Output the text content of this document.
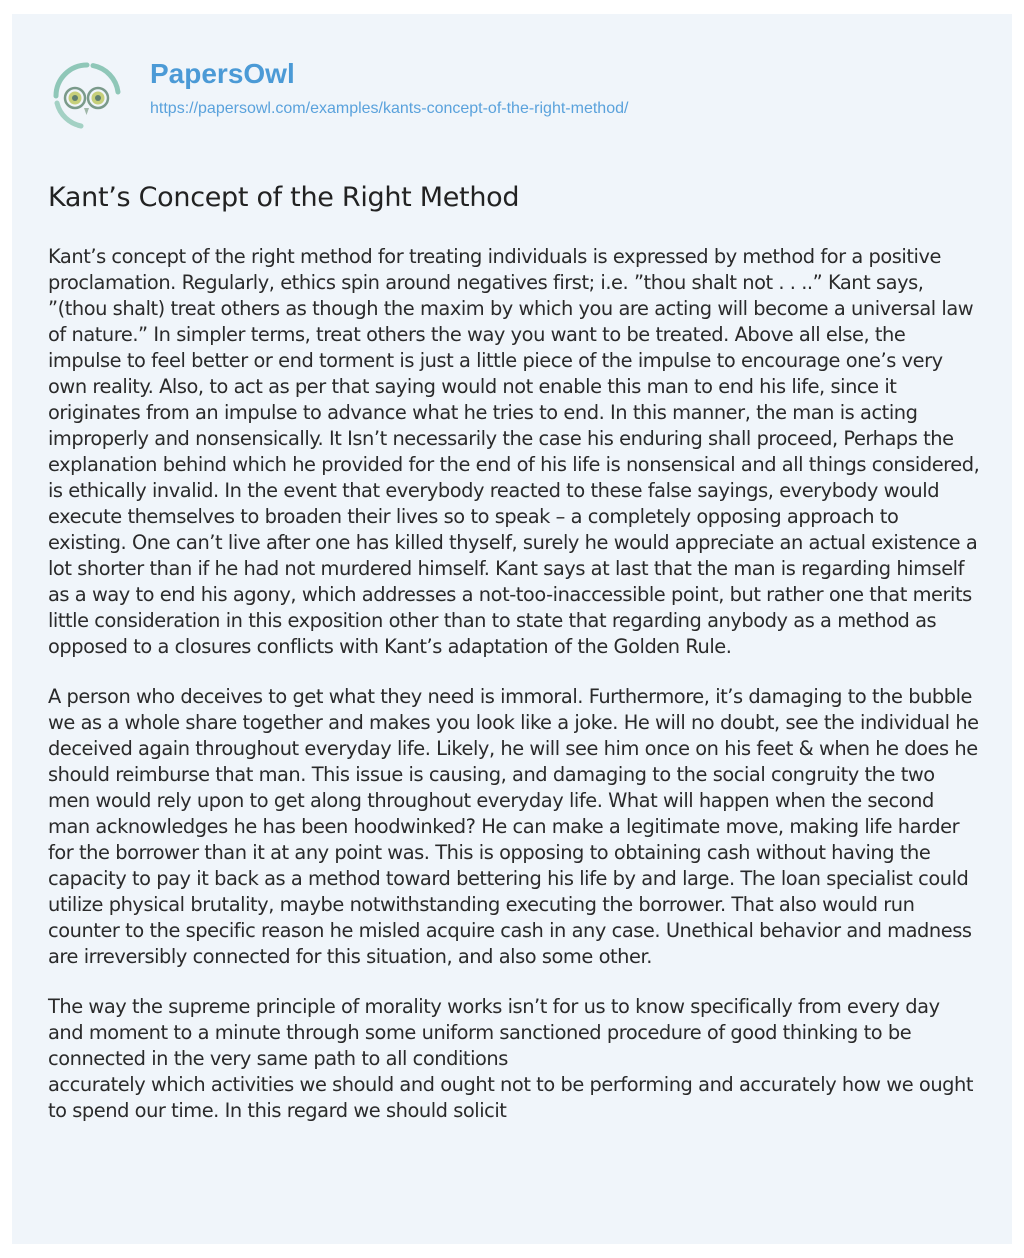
PapersOwl
https://papersowl.com/examples/kants-concept-of-the-right-method/
Kant’s Concept of the Right Method

Kant’s concept of the right method for treating individuals is expressed by method for a positive proclamation. Regularly, ethics spin around negatives first; i.e. ”thou shalt not . . ..” Kant says, ”(thou shalt) treat others as though the maxim by which you are acting will become a universal law of nature.” In simpler terms, treat others the way you want to be treated. Above all else, the impulse to feel better or end torment is just a little piece of the impulse to encourage one’s very own reality. Also, to act as per that saying would not enable this man to end his life, since it originates from an impulse to advance what he tries to end. In this manner, the man is acting improperly and nonsensically. It Isn’t necessarily the case his enduring shall proceed, Perhaps the explanation behind which he provided for the end of his life is nonsensical and all things considered, is ethically invalid. In the event that everybody reacted to these false sayings, everybody would execute themselves to broaden their lives so to speak – a completely opposing approach to existing. One can’t live after one has killed thyself, surely he would appreciate an actual existence a lot shorter than if he had not murdered himself. Kant says at last that the man is regarding himself as a way to end his agony, which addresses a not-too-inaccessible point, but rather one that merits little consideration in this exposition other than to state that regarding anybody as a method as opposed to a closures conflicts with Kant’s adaptation of the Golden Rule.

A person who deceives to get what they need is immoral. Furthermore, it’s damaging to the bubble we as a whole share together and makes you look like a joke. He will no doubt, see the individual he deceived again throughout everyday life. Likely, he will see him once on his feet & when he does he should reimburse that man. This issue is causing, and damaging to the social congruity the two men would rely upon to get along throughout everyday life. What will happen when the second man acknowledges he has been hoodwinked? He can make a legitimate move, making life harder for the borrower than it at any point was. This is opposing to obtaining cash without having the capacity to pay it back as a method toward bettering his life by and large. The loan specialist could utilize physical brutality, maybe notwithstanding executing the borrower. That also would run counter to the specific reason he misled acquire cash in any case. Unethical behavior and madness are irreversibly connected for this situation, and also some other.

The way the supreme principle of morality works isn’t for us to know specifically from every day and moment to a minute through some uniform sanctioned procedure of good thinking to be connected in the very same path to all conditions
accurately which activities we should and ought not to be performing and accurately how we ought to spend our time. In this regard we should solicit
